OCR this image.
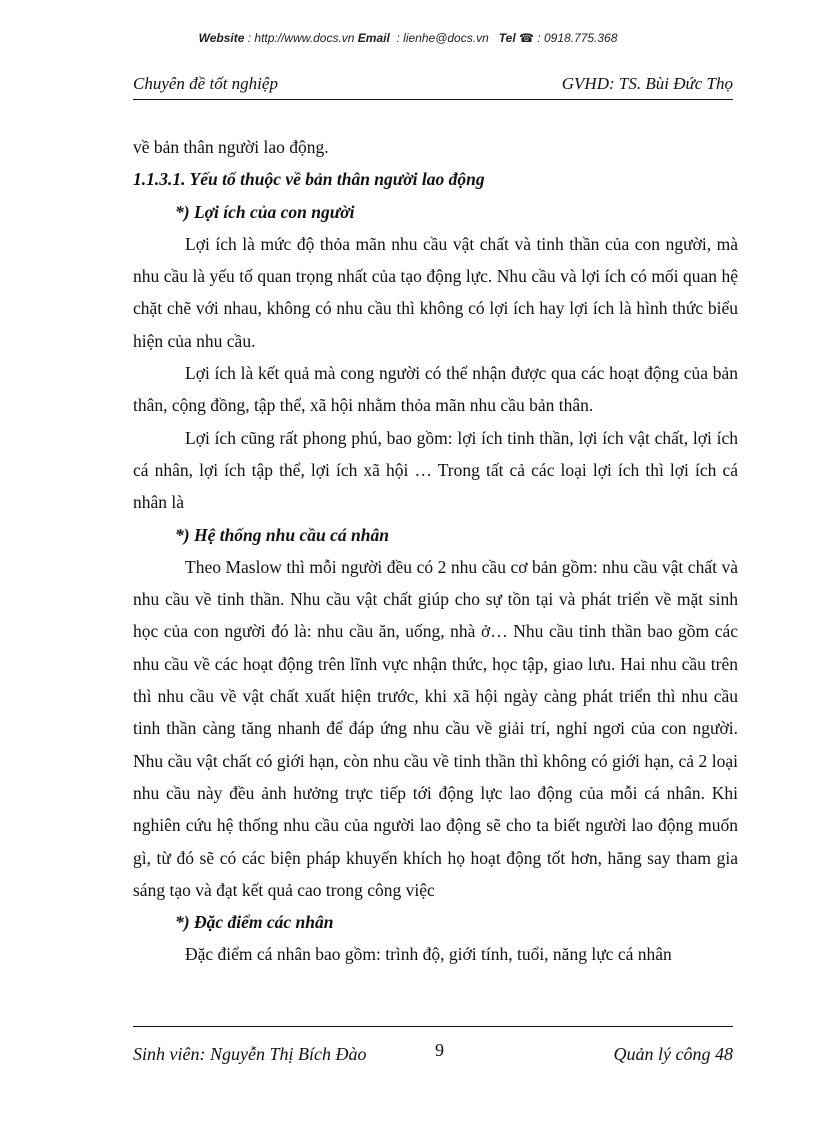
Website : http://www.docs.vn Email  : lienhe@docs.vn Tel ☎ : 0918.775.368
Chuyên đề tốt nghiệp	GVHD: TS. Bùi Đức Thọ

về bản thân người lao động.

1.1.3.1. Yếu tố thuộc về bản thân người lao động

*) Lợi ích của con người

Lợi ích là mức độ thỏa mãn nhu cầu vật chất và tinh thần của con người, mà nhu cầu là yếu tố quan trọng nhất của tạo động lực. Nhu cầu và lợi ích có mối quan hệ chặt chẽ với nhau, không có nhu cầu thì không có lợi ích hay lợi ích là hình thức biểu hiện của nhu cầu.

Lợi ích là kết quả mà cong người có thể nhận được qua các hoạt động của bản thân, cộng đồng, tập thể, xã hội nhằm thỏa mãn nhu cầu bản thân.

Lợi ích cũng rất phong phú, bao gồm: lợi ích tinh thần, lợi ích vật chất, lợi ích cá nhân, lợi ích tập thể, lợi ích xã hội … Trong tất cả các loại lợi ích thì lợi ích cá nhân là

*) Hệ thống nhu cầu cá nhân

Theo Maslow thì mỗi người đều có 2 nhu cầu cơ bản gồm: nhu cầu vật chất và nhu cầu về tinh thần. Nhu cầu vật chất giúp cho sự tồn tại và phát triển về mặt sinh học của con người đó là: nhu cầu ăn, uống, nhà ở… Nhu cầu tinh thần bao gồm các nhu cầu về các hoạt động trên lĩnh vực nhận thức, học tập, giao lưu. Hai nhu cầu trên thì nhu cầu về vật chất xuất hiện trước, khi xã hội ngày càng phát triển thì nhu cầu tinh thần càng tăng nhanh để đáp ứng nhu cầu về giải trí, nghỉ ngơi của con người. Nhu cầu vật chất có giới hạn, còn nhu cầu về tinh thần thì không có giới hạn, cả 2 loại nhu cầu này đều ảnh hưởng trực tiếp tới động lực lao động của mỗi cá nhân. Khi nghiên cứu hệ thống nhu cầu của người lao động sẽ cho ta biết người lao động muốn gì, từ đó sẽ có các biện pháp khuyến khích họ hoạt động tốt hơn, hăng say tham gia sáng tạo và đạt kết quả cao trong công việc

*) Đặc điểm các nhân

Đặc điểm cá nhân bao gồm: trình độ, giới tính, tuổi, năng lực cá nhân

Sinh viên: Nguyễn Thị Bích Đào	9	Quản lý công 48
